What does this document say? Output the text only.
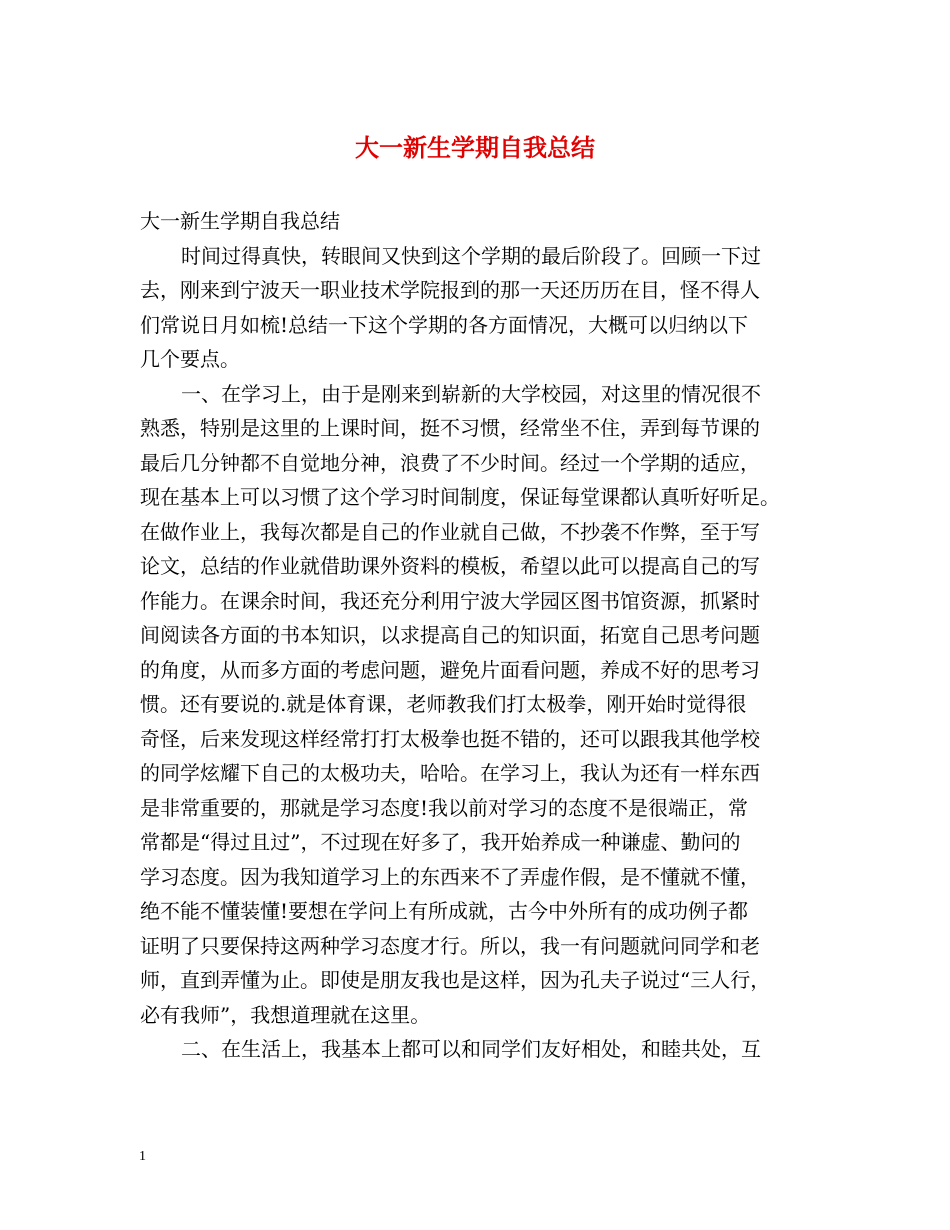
大一新生学期自我总结
大一新生学期自我总结
时间过得真快，转眼间又快到这个学期的最后阶段了。回顾一下过
去，刚来到宁波天一职业技术学院报到的那一天还历历在目，怪不得人
们常说日月如梳!总结一下这个学期的各方面情况，大概可以归纳以下
几个要点。
一、在学习上，由于是刚来到崭新的大学校园，对这里的情况很不
熟悉，特别是这里的上课时间，挺不习惯，经常坐不住，弄到每节课的
最后几分钟都不自觉地分神，浪费了不少时间。经过一个学期的适应，
现在基本上可以习惯了这个学习时间制度，保证每堂课都认真听好听足。
在做作业上，我每次都是自己的作业就自己做，不抄袭不作弊，至于写
论文，总结的作业就借助课外资料的模板，希望以此可以提高自己的写
作能力。在课余时间，我还充分利用宁波大学园区图书馆资源，抓紧时
间阅读各方面的书本知识，以求提高自己的知识面，拓宽自己思考问题
的角度，从而多方面的考虑问题，避免片面看问题，养成不好的思考习
惯。还有要说的.就是体育课，老师教我们打太极拳，刚开始时觉得很
奇怪，后来发现这样经常打打太极拳也挺不错的，还可以跟我其他学校
的同学炫耀下自己的太极功夫，哈哈。在学习上，我认为还有一样东西
是非常重要的，那就是学习态度!我以前对学习的态度不是很端正，常
常都是“得过且过”，不过现在好多了，我开始养成一种谦虚、勤问的
学习态度。因为我知道学习上的东西来不了弄虚作假，是不懂就不懂，
绝不能不懂装懂!要想在学问上有所成就，古今中外所有的成功例子都
证明了只要保持这两种学习态度才行。所以，我一有问题就问同学和老
师，直到弄懂为止。即使是朋友我也是这样，因为孔夫子说过“三人行，
必有我师”，我想道理就在这里。
二、在生活上，我基本上都可以和同学们友好相处，和睦共处，互
1
